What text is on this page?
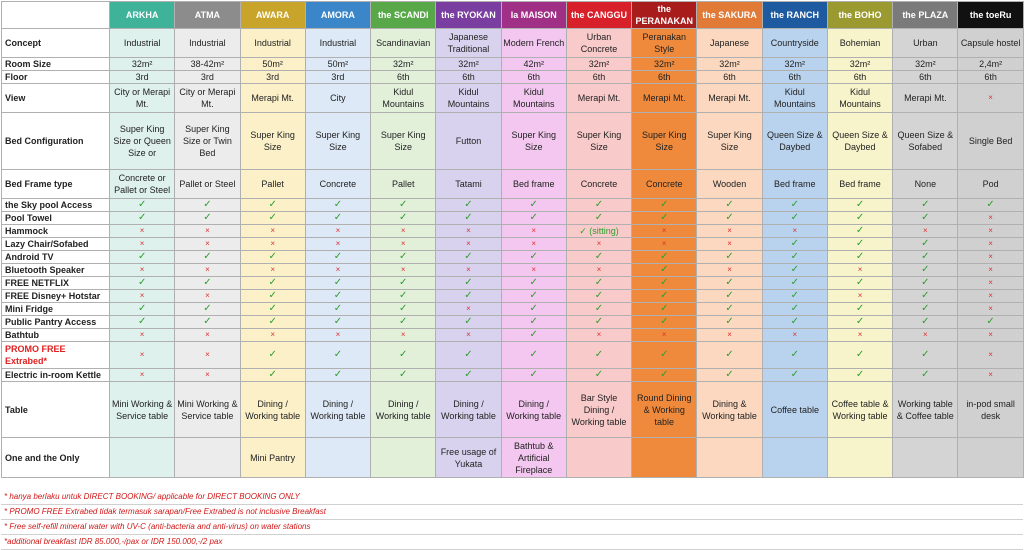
	ARKHA	ATMA	AWARA	AMORA	the SCANDI	the RYOKAN	la MAISON	the CANGGU	the PERANAKAN	the SAKURA	the RANCH	the BOHO	the PLAZA	the toeRu
Concept	Industrial	Industrial	Industrial	Industrial	Scandinavian	Japanese Traditional	Modern French	Urban Concrete	Peranakan Style	Japanese	Countryside	Bohemian	Urban	Capsule hostel
Room Size	32m²	38-42m²	50m²	50m²	32m²	32m²	42m²	32m²	32m²	32m²	32m²	32m²	32m²	2,4m²
Floor	3rd	3rd	3rd	3rd	6th	6th	6th	6th	6th	6th	6th	6th	6th	6th
View	City or Merapi Mt.	City or Merapi Mt.	Merapi Mt.	City	Kidul Mountains	Kidul Mountains	Kidul Mountains	Merapi Mt.	Merapi Mt.	Merapi Mt.	Kidul Mountains	Kidul Mountains	Merapi Mt.	×
Bed Configuration	Super King Size or Queen Size or	Super King Size or Twin Bed	Super King Size	Super King Size	Super King Size	Futton	Super King Size	Super King Size	Super King Size	Super King Size	Queen Size & Daybed	Queen Size & Daybed	Queen Size & Sofabed	Single Bed
Bed Frame type	Concrete or Pallet or Steel	Pallet or Steel	Pallet	Concrete	Pallet	Tatami	Bed frame	Concrete	Concrete	Wooden	Bed frame	Bed frame	None	Pod
the Sky pool Access	✓	✓	✓	✓	✓	✓	✓	✓	✓	✓	✓	✓	✓	✓
Pool Towel	✓	✓	✓	✓	✓	✓	✓	✓	✓	✓	✓	✓	✓	×
Hammock	×	×	×	×	×	×	×	✓ (sitting)	×	×	×	✓	×	×
Lazy Chair/Sofabed	×	×	×	×	×	×	×	×	×	×	✓	✓	✓	×
Android TV	✓	✓	✓	✓	✓	✓	✓	✓	✓	✓	✓	✓	✓	×
Bluetooth Speaker	×	×	×	×	×	×	×	×	✓	×	✓	×	✓	×
FREE NETFLIX	✓	✓	✓	✓	✓	✓	✓	✓	✓	✓	✓	✓	✓	×
FREE Disney+ Hotstar	×	×	✓	✓	✓	✓	✓	✓	✓	✓	✓	×	✓	×
Mini Fridge	✓	✓	✓	✓	✓	×	✓	✓	✓	✓	✓	✓	✓	×
Public Pantry Access	✓	✓	✓	✓	✓	✓	✓	✓	✓	✓	✓	✓	✓	✓
Bathtub	×	×	×	×	×	×	✓	×	×	×	×	×	×	×
PROMO FREE Extrabed*	×	×	✓	✓	✓	✓	✓	✓	✓	✓	✓	✓	✓	×
Electric in-room Kettle	×	×	✓	✓	✓	✓	✓	✓	✓	✓	✓	✓	✓	×
Table	Mini Working & Service table	Mini Working & Service table	Dining / Working table	Dining / Working table	Dining / Working table	Dining / Working table	Dining / Working table	Bar Style Dining / Working table	Round Dining & Working table	Dining & Working table	Coffee table	Coffee table & Working table	Working table & Coffee table	in-pod small desk
One and the Only			Mini Pantry			Free usage of Yukata	Bathtub & Artificial Fireplace							
* hanya berlaku untuk DIRECT BOOKING/ applicable for DIRECT BOOKING ONLY
* PROMO FREE Extrabed tidak termasuk sarapan/Free Extrabed is not inclusive Breakfast
* Free self-refill mineral water with UV-C (anti-bacteria and anti-virus) on water stations
*additional breakfast IDR 85.000,-/pax or IDR 150.000,-/2 pax
